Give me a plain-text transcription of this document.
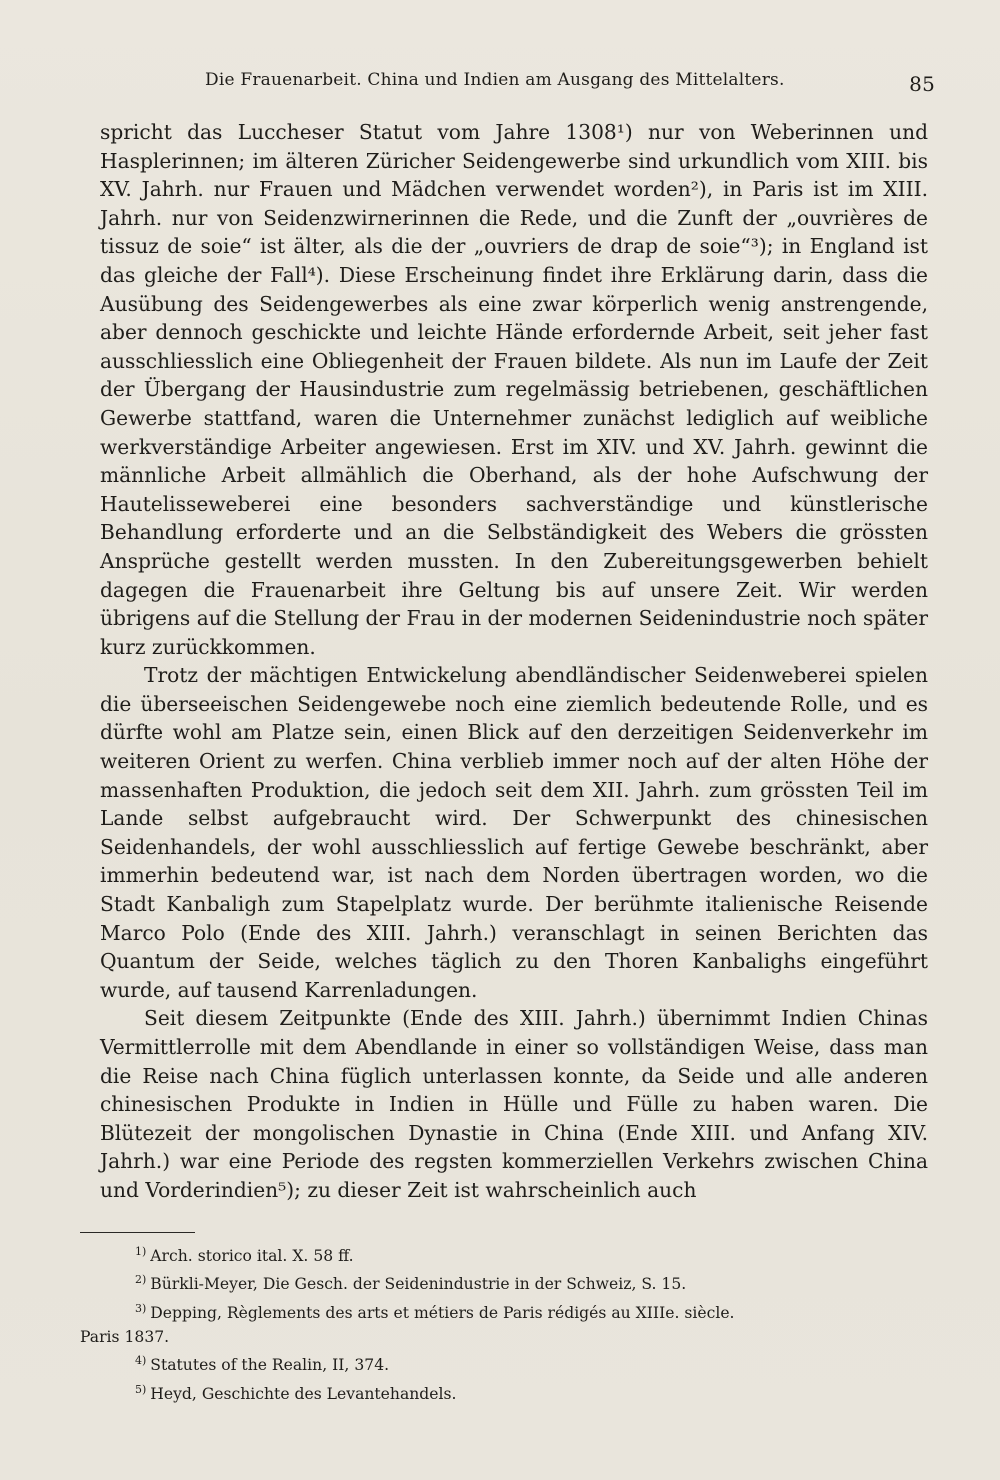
Die Frauenarbeit. China und Indien am Ausgang des Mittelalters.	85

spricht das Luccheser Statut vom Jahre 1308¹) nur von Weberinnen und Hasplerinnen; im älteren Züricher Seidengewerbe sind urkundlich vom XIII. bis XV. Jahrh. nur Frauen und Mädchen verwendet worden²), in Paris ist im XIII. Jahrh. nur von Seidenzwirnerinnen die Rede, und die Zunft der „ouvrières de tissuz de soie“ ist älter, als die der „ouvriers de drap de soie“³); in England ist das gleiche der Fall⁴). Diese Erscheinung findet ihre Erklärung darin, dass die Ausübung des Seidengewerbes als eine zwar körperlich wenig anstrengende, aber dennoch geschickte und leichte Hände erfordernde Arbeit, seit jeher fast ausschliesslich eine Obliegenheit der Frauen bildete. Als nun im Laufe der Zeit der Übergang der Hausindustrie zum regelmässig betriebenen, geschäftlichen Gewerbe stattfand, waren die Unternehmer zunächst lediglich auf weibliche werkverständige Arbeiter angewiesen. Erst im XIV. und XV. Jahrh. gewinnt die männliche Arbeit allmählich die Oberhand, als der hohe Aufschwung der Hautelisseweberei eine besonders sachverständige und künstlerische Behandlung erforderte und an die Selbständigkeit des Webers die grössten Ansprüche gestellt werden mussten. In den Zubereitungsgewerben behielt dagegen die Frauenarbeit ihre Geltung bis auf unsere Zeit. Wir werden übrigens auf die Stellung der Frau in der modernen Seidenindustrie noch später kurz zurückkommen.

Trotz der mächtigen Entwickelung abendländischer Seidenweberei spielen die überseeischen Seidengewebe noch eine ziemlich bedeutende Rolle, und es dürfte wohl am Platze sein, einen Blick auf den derzeitigen Seidenverkehr im weiteren Orient zu werfen. China verblieb immer noch auf der alten Höhe der massenhaften Produktion, die jedoch seit dem XII. Jahrh. zum grössten Teil im Lande selbst aufgebraucht wird. Der Schwerpunkt des chinesischen Seidenhandels, der wohl ausschliesslich auf fertige Gewebe beschränkt, aber immerhin bedeutend war, ist nach dem Norden übertragen worden, wo die Stadt Kanbaligh zum Stapelplatz wurde. Der berühmte italienische Reisende Marco Polo (Ende des XIII. Jahrh.) veranschlagt in seinen Berichten das Quantum der Seide, welches täglich zu den Thoren Kanbalighs eingeführt wurde, auf tausend Karrenladungen.

Seit diesem Zeitpunkte (Ende des XIII. Jahrh.) übernimmt Indien Chinas Vermittlerrolle mit dem Abendlande in einer so vollständigen Weise, dass man die Reise nach China füglich unterlassen konnte, da Seide und alle anderen chinesischen Produkte in Indien in Hülle und Fülle zu haben waren. Die Blütezeit der mongolischen Dynastie in China (Ende XIII. und Anfang XIV. Jahrh.) war eine Periode des regsten kommerziellen Verkehrs zwischen China und Vorderindien⁵); zu dieser Zeit ist wahrscheinlich auch

$^{1)}$ Arch. storico ital. X. 58 ff.

$^{2)}$ Bürkli-Meyer, Die Gesch. der Seidenindustrie in der Schweiz, S. 15.

$^{3)}$ Depping, Règlements des arts et métiers de Paris rédigés au XIIIe. siècle.

Paris 1837.

$^{4)}$ Statutes of the Realin, II, 374.

$^{5)}$ Heyd, Geschichte des Levantehandels.
